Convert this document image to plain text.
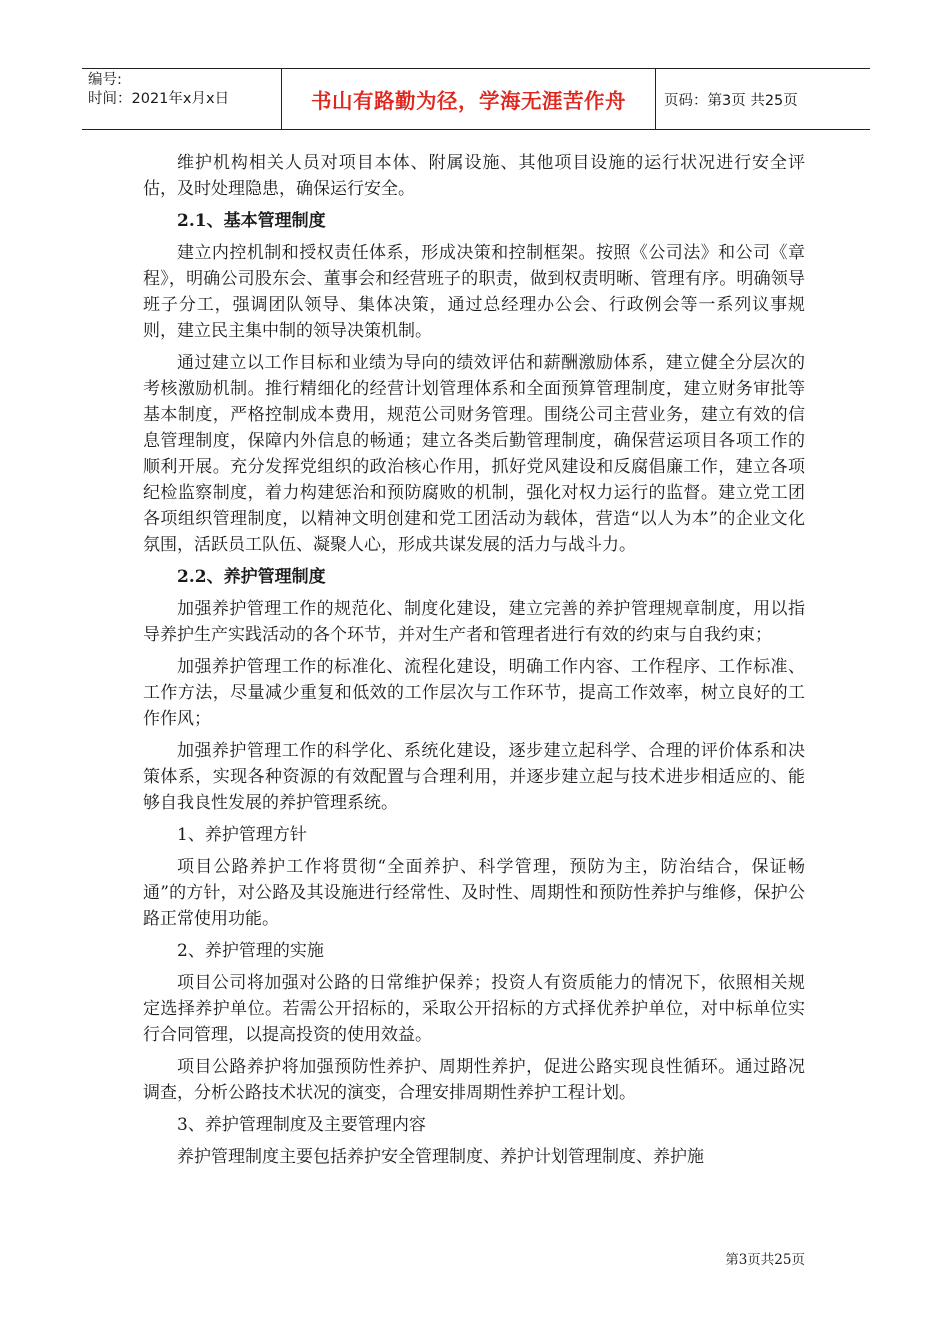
编号:
时间：2021年x月x日	书山有路勤为径，学海无涯苦作舟	页码：第3页 共25页

维护机构相关人员对项目本体、附属设施、其他项目设施的运行状况进行安全评估，及时处理隐患，确保运行安全。

2.1、基本管理制度

建立内控机制和授权责任体系，形成决策和控制框架。按照《公司法》和公司《章程》，明确公司股东会、董事会和经营班子的职责，做到权责明晰、管理有序。明确领导班子分工，强调团队领导、集体决策，通过总经理办公会、行政例会等一系列议事规则，建立民主集中制的领导决策机制。

通过建立以工作目标和业绩为导向的绩效评估和薪酬激励体系，建立健全分层次的考核激励机制。推行精细化的经营计划管理体系和全面预算管理制度，建立财务审批等基本制度，严格控制成本费用，规范公司财务管理。围绕公司主营业务，建立有效的信息管理制度，保障内外信息的畅通；建立各类后勤管理制度，确保营运项目各项工作的顺利开展。充分发挥党组织的政治核心作用，抓好党风建设和反腐倡廉工作，建立各项纪检监察制度，着力构建惩治和预防腐败的机制，强化对权力运行的监督。建立党工团各项组织管理制度，以精神文明创建和党工团活动为载体，营造“以人为本”的企业文化氛围，活跃员工队伍、凝聚人心，形成共谋发展的活力与战斗力。

2.2、养护管理制度

加强养护管理工作的规范化、制度化建设，建立完善的养护管理规章制度，用以指导养护生产实践活动的各个环节，并对生产者和管理者进行有效的约束与自我约束；

加强养护管理工作的标准化、流程化建设，明确工作内容、工作程序、工作标准、工作方法，尽量减少重复和低效的工作层次与工作环节，提高工作效率，树立良好的工作作风；

加强养护管理工作的科学化、系统化建设，逐步建立起科学、合理的评价体系和决策体系，实现各种资源的有效配置与合理利用，并逐步建立起与技术进步相适应的、能够自我良性发展的养护管理系统。

1、养护管理方针

项目公路养护工作将贯彻“全面养护、科学管理，预防为主，防治结合，保证畅通”的方针，对公路及其设施进行经常性、及时性、周期性和预防性养护与维修，保护公路正常使用功能。

2、养护管理的实施

项目公司将加强对公路的日常维护保养；投资人有资质能力的情况下，依照相关规定选择养护单位。若需公开招标的，采取公开招标的方式择优养护单位，对中标单位实行合同管理，以提高投资的使用效益。

项目公路养护将加强预防性养护、周期性养护，促进公路实现良性循环。通过路况调查，分析公路技术状况的演变，合理安排周期性养护工程计划。

3、养护管理制度及主要管理内容

养护管理制度主要包括养护安全管理制度、养护计划管理制度、养护施

第3页共25页
